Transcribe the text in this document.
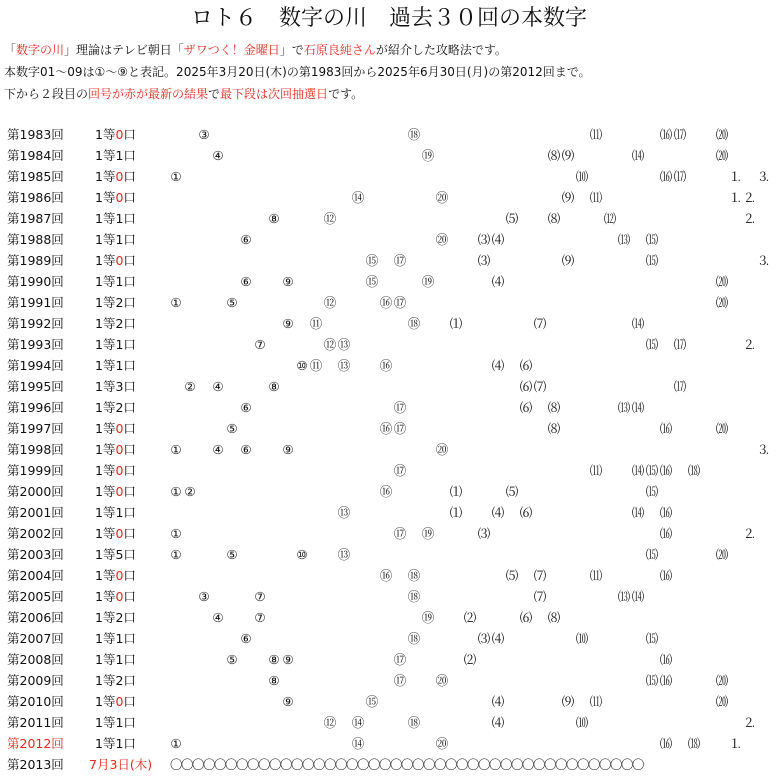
ロト６　数字の川　過去３０回の本数字
「数字の川」理論はテレビ朝日「ザワつく！金曜日」で石原良純さんが紹介した攻略法です。
本数字01～09は①～⑨と表記。2025年3月20日(木)の第1983回から2025年6月30日(月)の第2012回まで。
下から２段目の回号が赤が最新の結果で最下段は次回抽選日です。
第1983回 1等0口	③	⑱	⑾	⒃ ⒄ ⒇
第1984回 1等1口	④	⑲	⑻ ⑼	⒁	⒇
第1985回 1等0口	①	⑽	⒃ ⒄	⒈ ⒊
第1986回 1等0口	⑭	⑳	⑼ ⑾	⒈ ⒉
第1987回 1等1口	⑧	⑫	⑸ ⑻	⑿	⒉
第1988回 1等1口	⑥	⑳ ⑶ ⑷	⒀ ⒂
第1989回 1等0口	⑮ ⑰	⑶	⑼	⒂	⒊
第1990回 1等1口	⑥ ⑨	⑮	⑲	⑷	⒇
第1991回 1等2口	①	⑤	⑫	⑯ ⑰	⒇
第1992回 1等2口	⑨ ⑪	⑱ ⑴	⑺	⒁
第1993回 1等1口	⑦	⑫ ⑬	⒂ ⒄	⒉
第1994回 1等1口	⑩ ⑪ ⑬ ⑯	⑷ ⑹
第1995回 1等3口	② ④	⑧	⑹ ⑺	⒄
第1996回 1等2口	⑥	⑰	⑹ ⑻	⒀ ⒁
第1997回 1等0口	⑤	⑯ ⑰	⑻	⒃	⒇
第1998回 1等0口	① ④ ⑥ ⑨	⑳	⒊
第1999回 1等0口	⑰	⑾ ⒁ ⒂ ⒃ ⒅
第2000回 1等0口	① ②	⑯	⑴	⑸	⒂
第2001回 1等1口	⑬	⑴ ⑷ ⑹	⒁ ⒃
第2002回 1等0口	①	⑰ ⑲	⑶	⒃	⒉
第2003回 1等5口	①	⑤	⑩ ⑬	⒂	⒇
第2004回 1等0口	⑯ ⑱	⑸ ⑺	⑾	⒃
第2005回 1等0口	③	⑦	⑱	⑺	⒀ ⒁
第2006回 1等2口	④ ⑦	⑲ ⑵	⑹ ⑻
第2007回 1等1口	⑥	⑱	⑶ ⑷	⑽	⒂
第2008回 1等1口	⑤ ⑧ ⑨	⑰	⑵	⒃
第2009回 1等2口	⑧	⑰ ⑳	⒂ ⒃	⒇
第2010回 1等0口	⑨	⑮	⑷	⑼ ⑾	⒇
第2011回 1等1口	⑫ ⑭	⑱	⑷	⑽	⒉
第2012回 1等1口	①	⑭	⑳	⒃ ⒅ ⒈
第2013回 7月3日(木) 〇〇〇〇〇〇〇〇〇〇〇〇〇〇〇〇〇〇〇〇〇〇〇〇〇〇〇〇〇〇〇〇〇〇〇〇〇〇〇〇〇〇〇
